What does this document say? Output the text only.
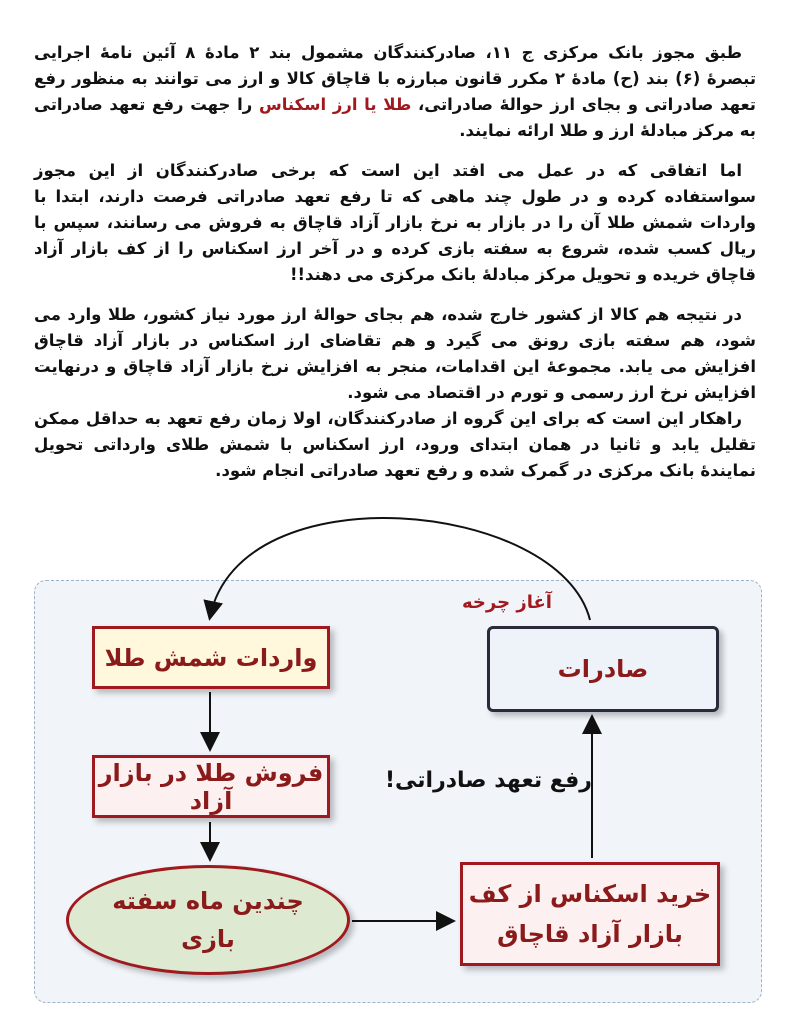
طبق مجوز بانک مرکزی ج ۱۱، صادرکنندگان مشمول بند ۲ مادهٔ ۸ آئین نامهٔ اجرایی تبصرهٔ (۶) بند (ح) مادهٔ ۲ مکرر قانون مبارزه با قاچاق کالا و ارز می توانند به منظور رفع تعهد صادراتی و بجای ارز حوالهٔ صادراتی، طلا یا ارز اسکناس را جهت رفع تعهد صادراتی به مرکز مبادلهٔ ارز و طلا ارائه نمایند.

اما اتفاقی که در عمل می افتد این است که برخی صادرکنندگان از این مجوز سواستفاده کرده و در طول چند ماهی که تا رفع تعهد صادراتی فرصت دارند، ابتدا با واردات شمش طلا آن را در بازار به نرخ بازار آزاد قاچاق به فروش می رسانند، سپس با ریال کسب شده، شروع به سفته بازی کرده و در آخر ارز اسکناس را از کف بازار آزاد قاچاق خریده و تحویل مرکز مبادلهٔ بانک مرکزی می دهند!!

در نتیجه هم کالا از کشور خارج شده، هم بجای حوالهٔ ارز مورد نیاز کشور، طلا وارد می شود، هم سفته بازی رونق می گیرد و هم تقاضای ارز اسکناس در بازار آزاد قاچاق افزایش می یابد. مجموعهٔ این اقدامات، منجر به افزایش نرخ بازار آزاد قاچاق و درنهایت افزایش نرخ ارز رسمی و تورم در اقتصاد می شود.

راهکار این است که برای این گروه از صادرکنندگان، اولا زمان رفع تعهد به حداقل ممکن تقلیل یابد و ثانیا در همان ابتدای ورود، ارز اسکناس با شمش طلای وارداتی تحویل نمایندهٔ بانک مرکزی در گمرک شده و رفع تعهد صادراتی انجام شود.

آغاز چرخه
رفع تعهد صادراتی!
صادرات
واردات شمش طلا
فروش طلا در بازار آزاد
چندین ماه سفته
بازی
خرید اسکناس از کف
بازار آزاد قاچاق
